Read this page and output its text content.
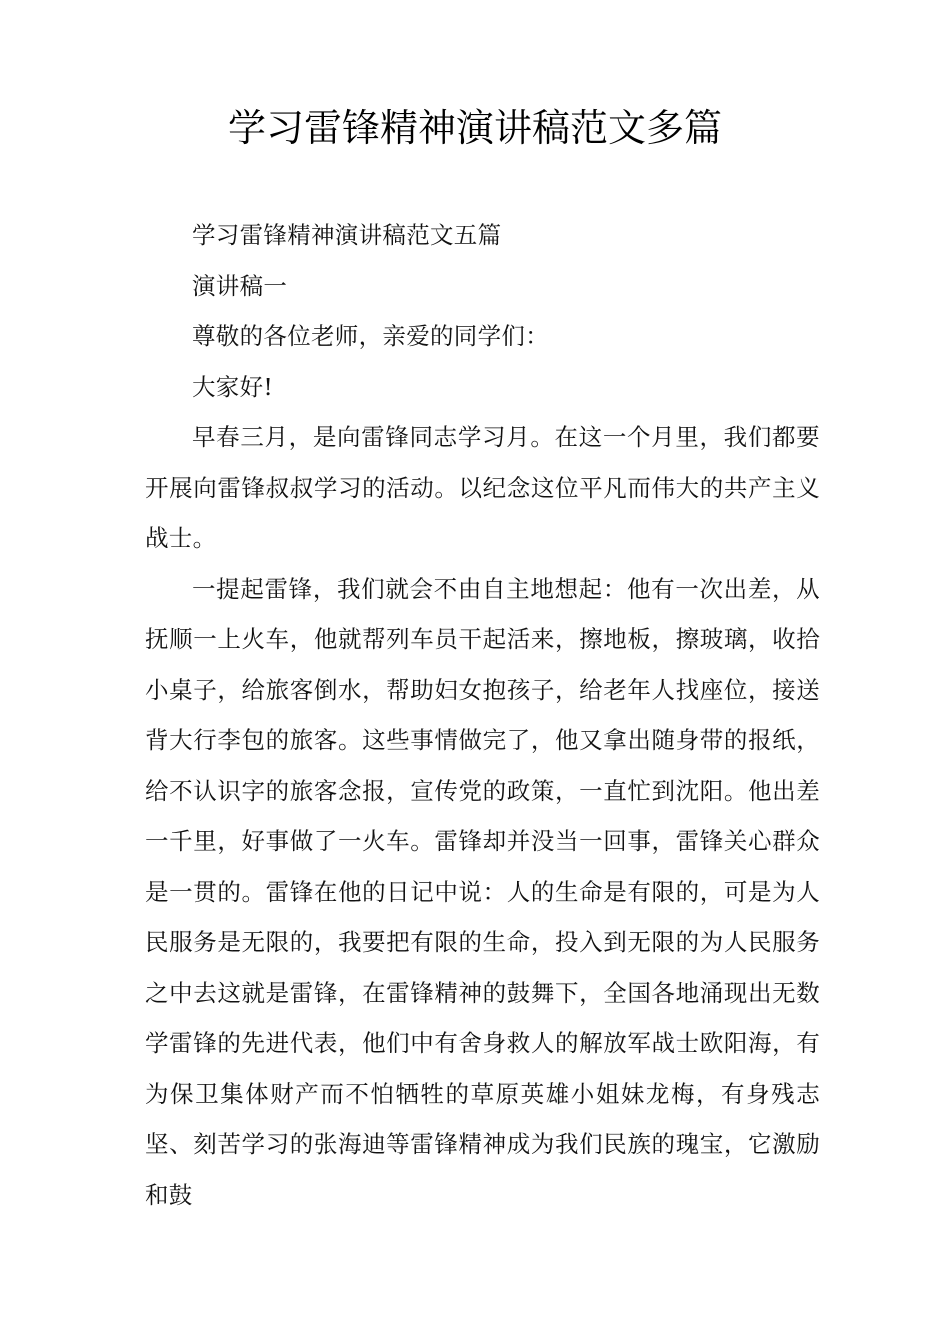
学习雷锋精神演讲稿范文多篇

学习雷锋精神演讲稿范文五篇

演讲稿一

尊敬的各位老师，亲爱的同学们：

大家好!

早春三月，是向雷锋同志学习月。在这一个月里，我们都要开展向雷锋叔叔学习的活动。以纪念这位平凡而伟大的共产主义战士。

一提起雷锋，我们就会不由自主地想起：他有一次出差，从抚顺一上火车，他就帮列车员干起活来，擦地板，擦玻璃，收拾小桌子，给旅客倒水，帮助妇女抱孩子，给老年人找座位，接送背大行李包的旅客。这些事情做完了，他又拿出随身带的报纸，给不认识字的旅客念报，宣传党的政策，一直忙到沈阳。他出差一千里，好事做了一火车。雷锋却并没当一回事，雷锋关心群众是一贯的。雷锋在他的日记中说：人的生命是有限的，可是为人民服务是无限的，我要把有限的生命，投入到无限的为人民服务之中去这就是雷锋，在雷锋精神的鼓舞下，全国各地涌现出无数学雷锋的先进代表，他们中有舍身救人的解放军战士欧阳海，有为保卫集体财产而不怕牺牲的草原英雄小姐妹龙梅，有身残志坚、刻苦学习的张海迪等雷锋精神成为我们民族的瑰宝，它激励和鼓
